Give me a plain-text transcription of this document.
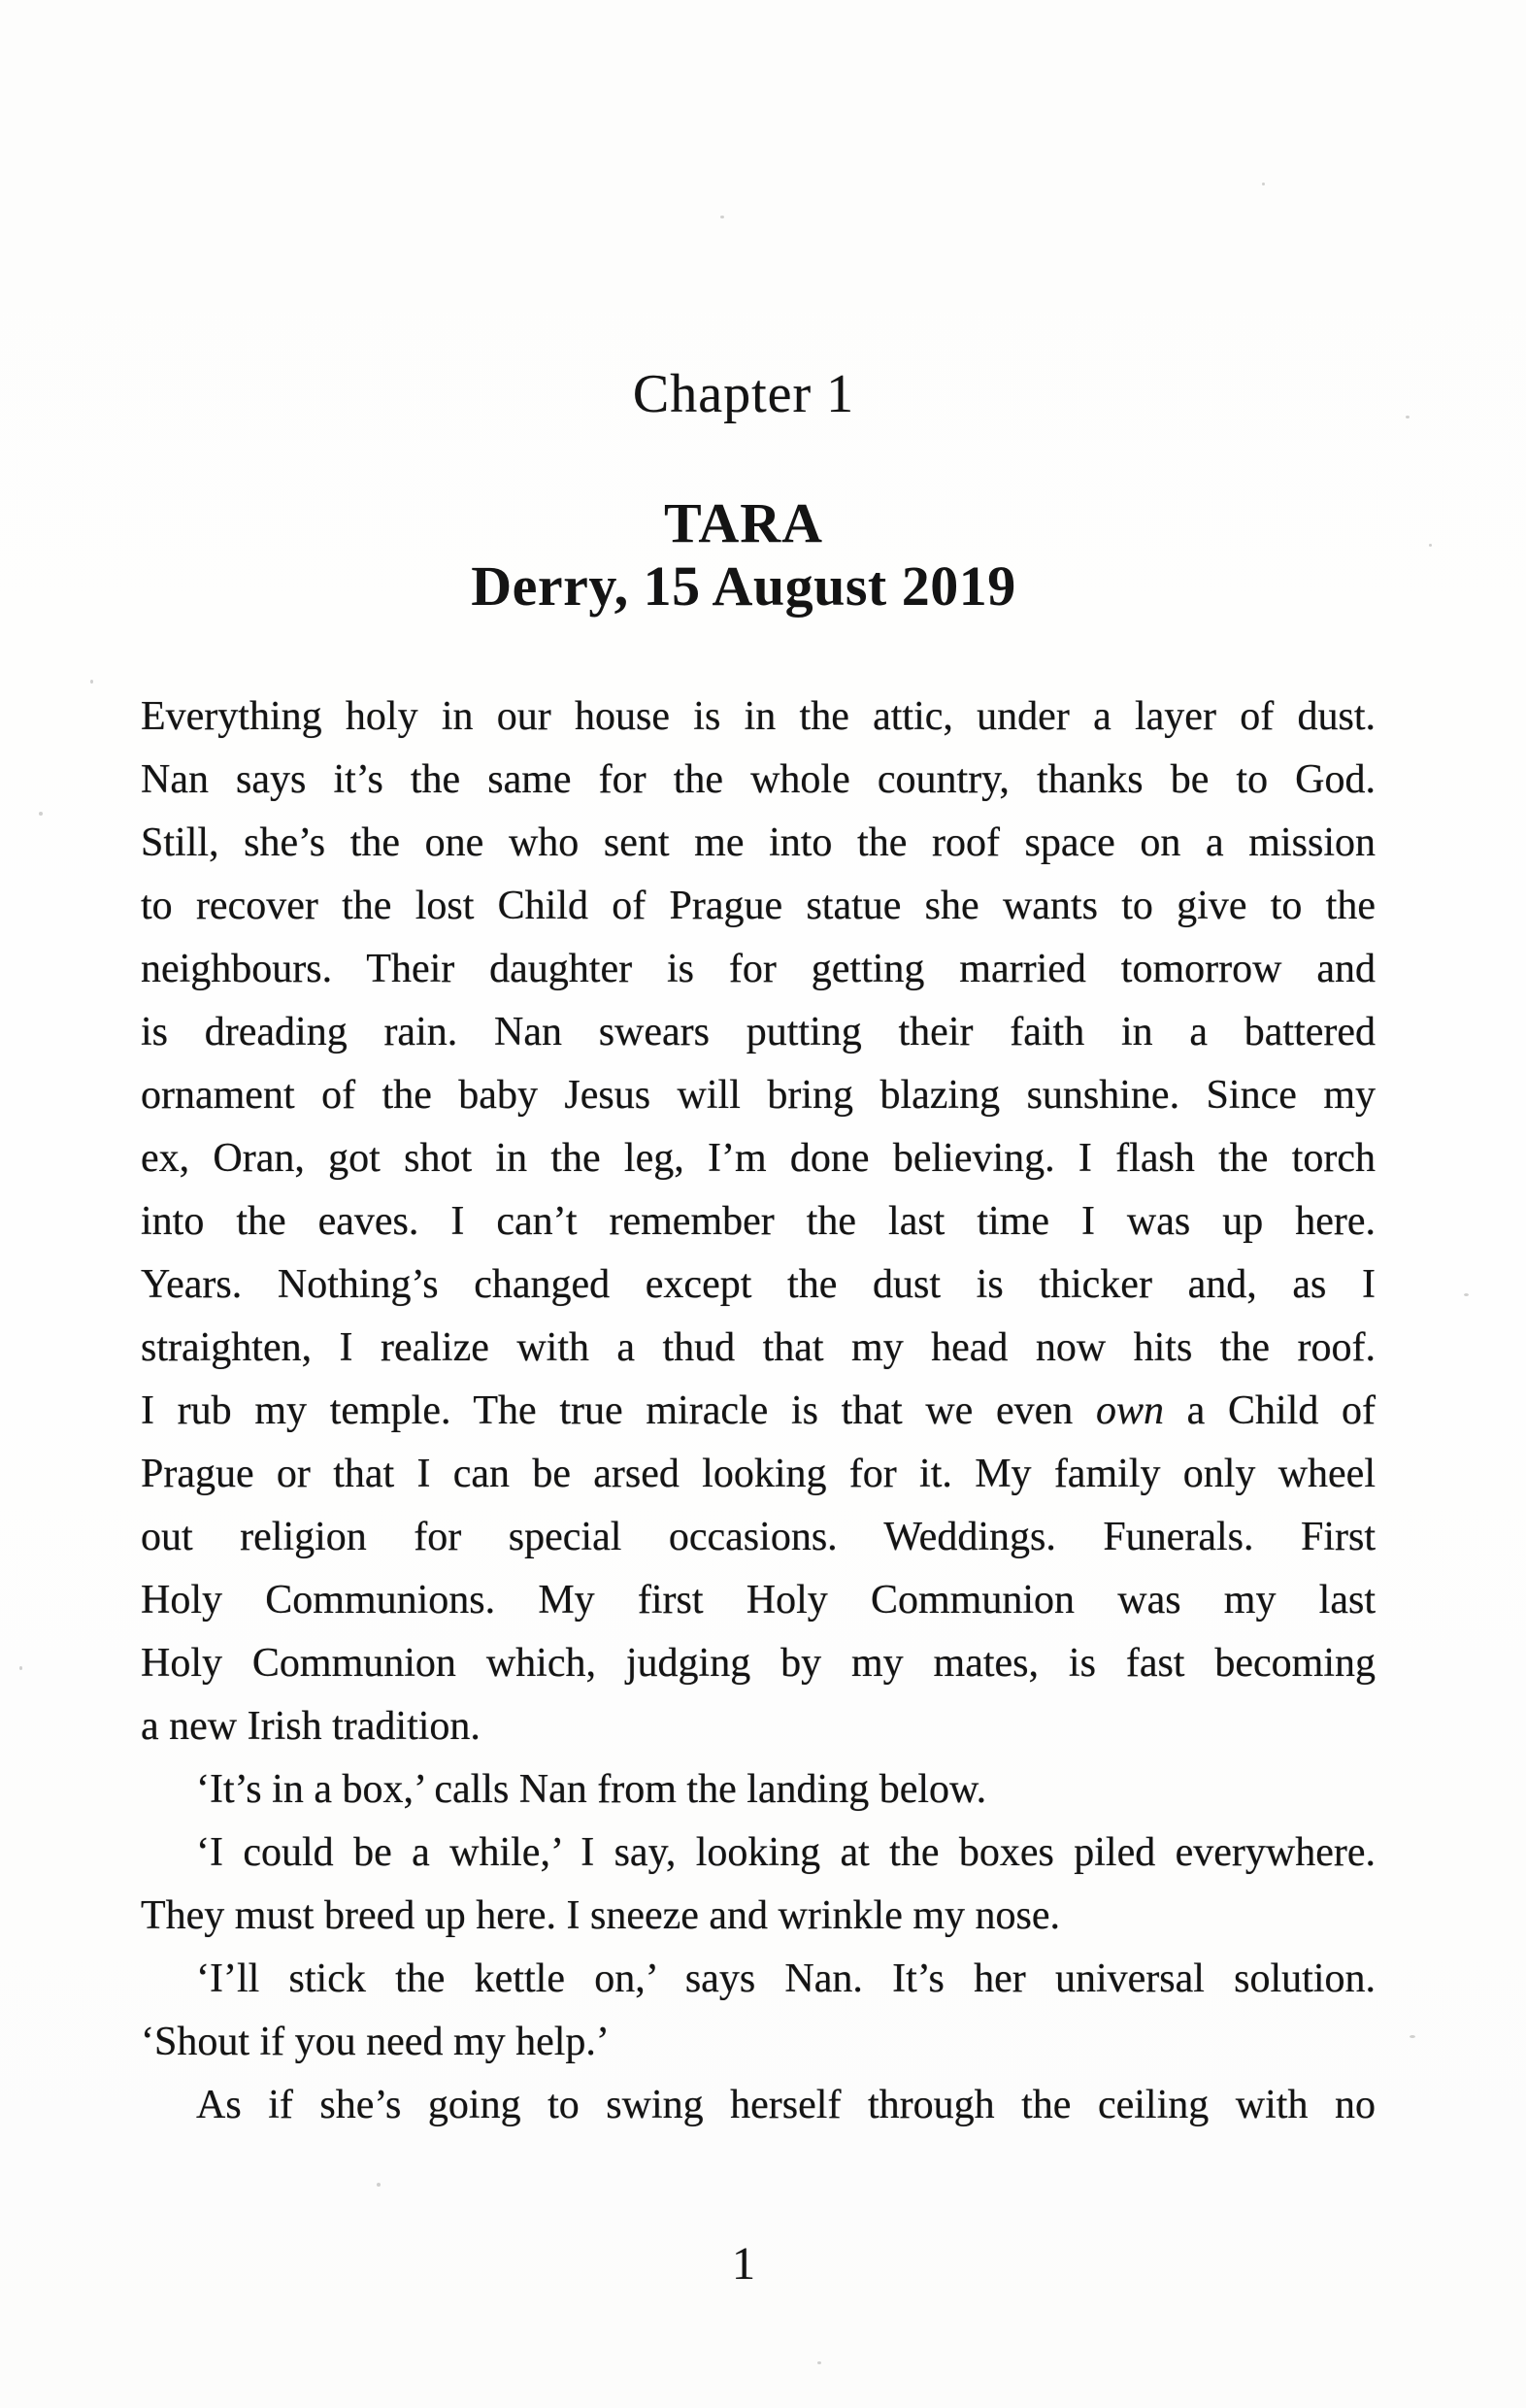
Chapter 1
TARA
Derry, 15 August 2019
Everything holy in our house is in the attic, under a layer of dust.
Nan says it’s the same for the whole country, thanks be to God.
Still, she’s the one who sent me into the roof space on a mission
to recover the lost Child of Prague statue she wants to give to the
neighbours. Their daughter is for getting married tomorrow and
is dreading rain. Nan swears putting their faith in a battered
ornament of the baby Jesus will bring blazing sunshine. Since my
ex, Oran, got shot in the leg, I’m done believing. I flash the torch
into the eaves. I can’t remember the last time I was up here.
Years. Nothing’s changed except the dust is thicker and, as I
straighten, I realize with a thud that my head now hits the roof.
I rub my temple. The true miracle is that we even own a Child of
Prague or that I can be arsed looking for it. My family only wheel
out religion for special occasions. Weddings. Funerals. First
Holy Communions. My first Holy Communion was my last
Holy Communion which, judging by my mates, is fast becoming
a new Irish tradition.
‘It’s in a box,’ calls Nan from the landing below.
‘I could be a while,’ I say, looking at the boxes piled everywhere.
They must breed up here. I sneeze and wrinkle my nose.
‘I’ll stick the kettle on,’ says Nan. It’s her universal solution.
‘Shout if you need my help.’
As if she’s going to swing herself through the ceiling with no
1
